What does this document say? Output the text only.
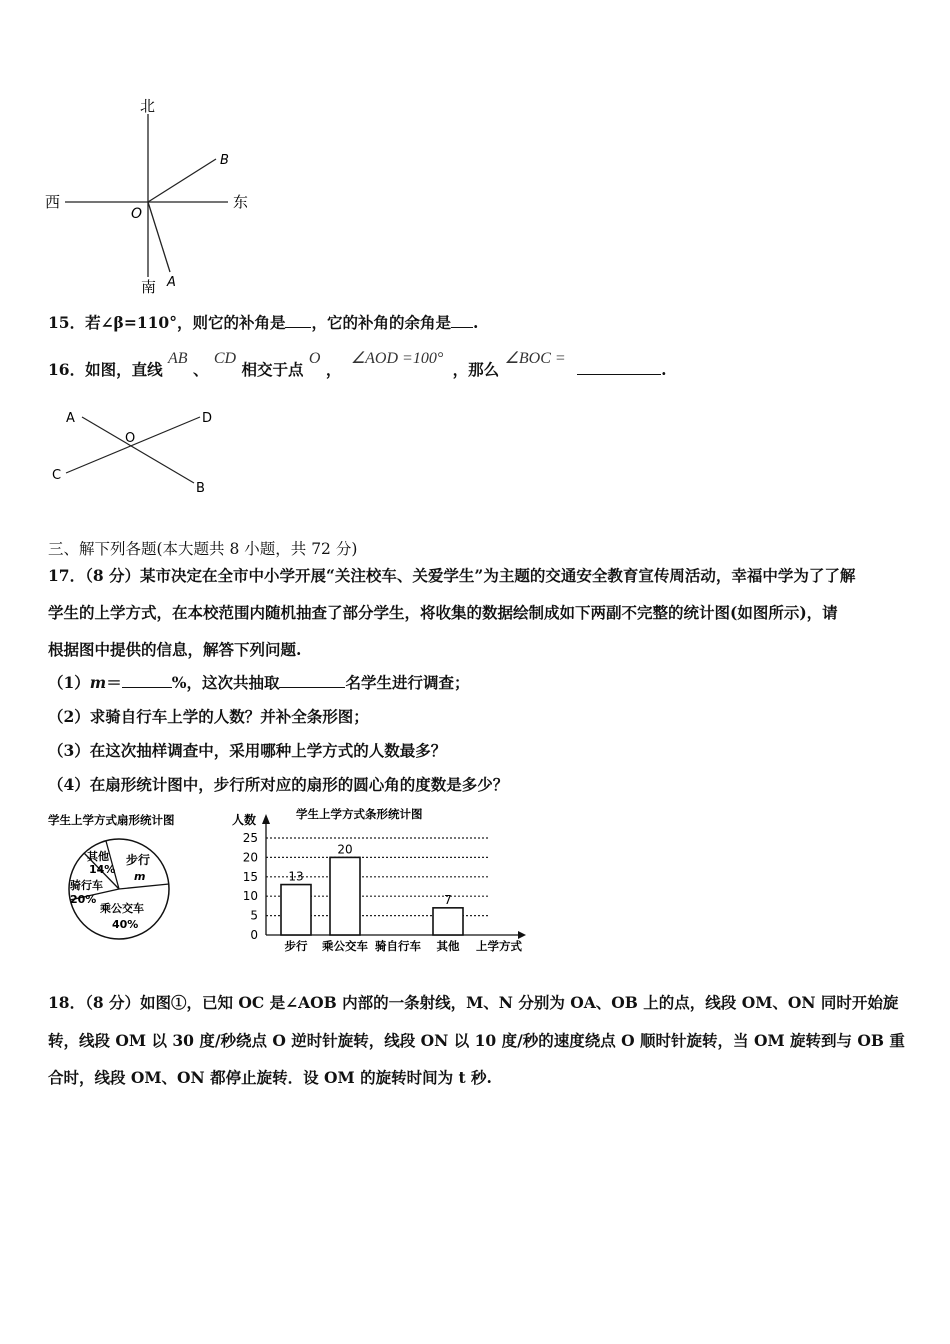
北
南
西	东
O
B
A
15．若∠β=110°，则它的补角是 ，它的补角的余角是 .
16．如图，直线 AB 、 CD 相交于点 O ， ∠AOD =100° ，那么 ∠BOC = .
A	D
O
C
B
三、解下列各题(本大题共 8 小题，共 72 分)
17．（8 分）某市决定在全市中小学开展“关注校车、关爱学生”为主题的交通安全教育宣传周活动，幸福中学为了了解
学生的上学方式，在本校范围内随机抽查了部分学生，将收集的数据绘制成如下两副不完整的统计图(如图所示)，请
根据图中提供的信息，解答下列问题.
（1）m＝	%，这次共抽取	名学生进行调查；
（2）求骑自行车上学的人数？并补全条形图；
（3）在这次抽样调查中，采用哪种上学方式的人数最多？
（4）在扇形统计图中，步行所对应的扇形的圆心角的度数是多少？
学生上学方式扇形统计图
其他
14%
步行
m
乘公交车
40%
骑行车
20%
学生上学方式条形统计图
人数
0
5
10
15
20
25
13
步行
20
乘公交车 骑自行车
7
其他 上学方式
18．（8 分）如图①，已知 OC 是∠AOB 内部的一条射线，M、N 分别为 OA、OB 上的点，线段 OM、ON 同时开始旋
转，线段 OM 以 30 度/秒绕点 O 逆时针旋转，线段 ON 以 10 度/秒的速度绕点 O 顺时针旋转，当 OM 旋转到与 OB 重
合时，线段 OM、ON 都停止旋转．设 OM 的旋转时间为 t 秒.
